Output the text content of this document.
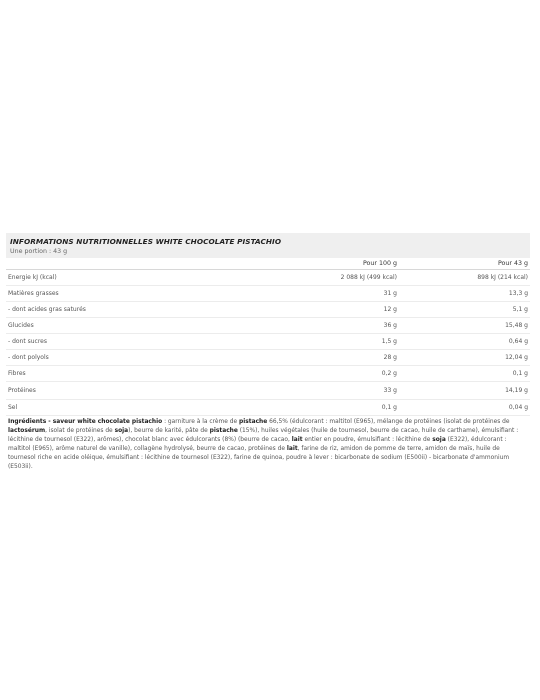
INFORMATIONS NUTRITIONNELLES WHITE CHOCOLATE PISTACHIO
Une portion : 43 g
	Pour 100 g	Pour 43 g
Energie kJ (kcal)	2 088 kJ (499 kcal)	898 kJ (214 kcal)
Matières grasses	31 g	13,3 g
- dont acides gras saturés	12 g	5,1 g
Glucides	36 g	15,48 g
- dont sucres	1,5 g	0,64 g
- dont polyols	28 g	12,04 g
Fibres	0,2 g	0,1 g
Protéines	33 g	14,19 g
Sel	0,1 g	0,04 g
Ingrédients - saveur white chocolate pistachio : garniture à la crème de pistache 66,5% (édulcorant : maltitol (E965), mélange de protéines (isolat de protéines de lactosérum, isolat de protéines de soja), beurre de karité, pâte de pistache (15%), huiles végétales (huile de tournesol, beurre de cacao, huile de carthame), émulsifiant : lécithine de tournesol (E322), arômes), chocolat blanc avec édulcorants (8%) (beurre de cacao, lait entier en poudre, émulsifiant : lécithine de soja (E322), édulcorant : maltitol (E965), arôme naturel de vanille), collagène hydrolysé, beurre de cacao, protéines de lait, farine de riz, amidon de pomme de terre, amidon de maïs, huile de tournesol riche en acide oléique, émulsifiant : lécithine de tournesol (E322), farine de quinoa, poudre à lever : bicarbonate de sodium (E500ii) - bicarbonate d'ammonium (E503ii).
